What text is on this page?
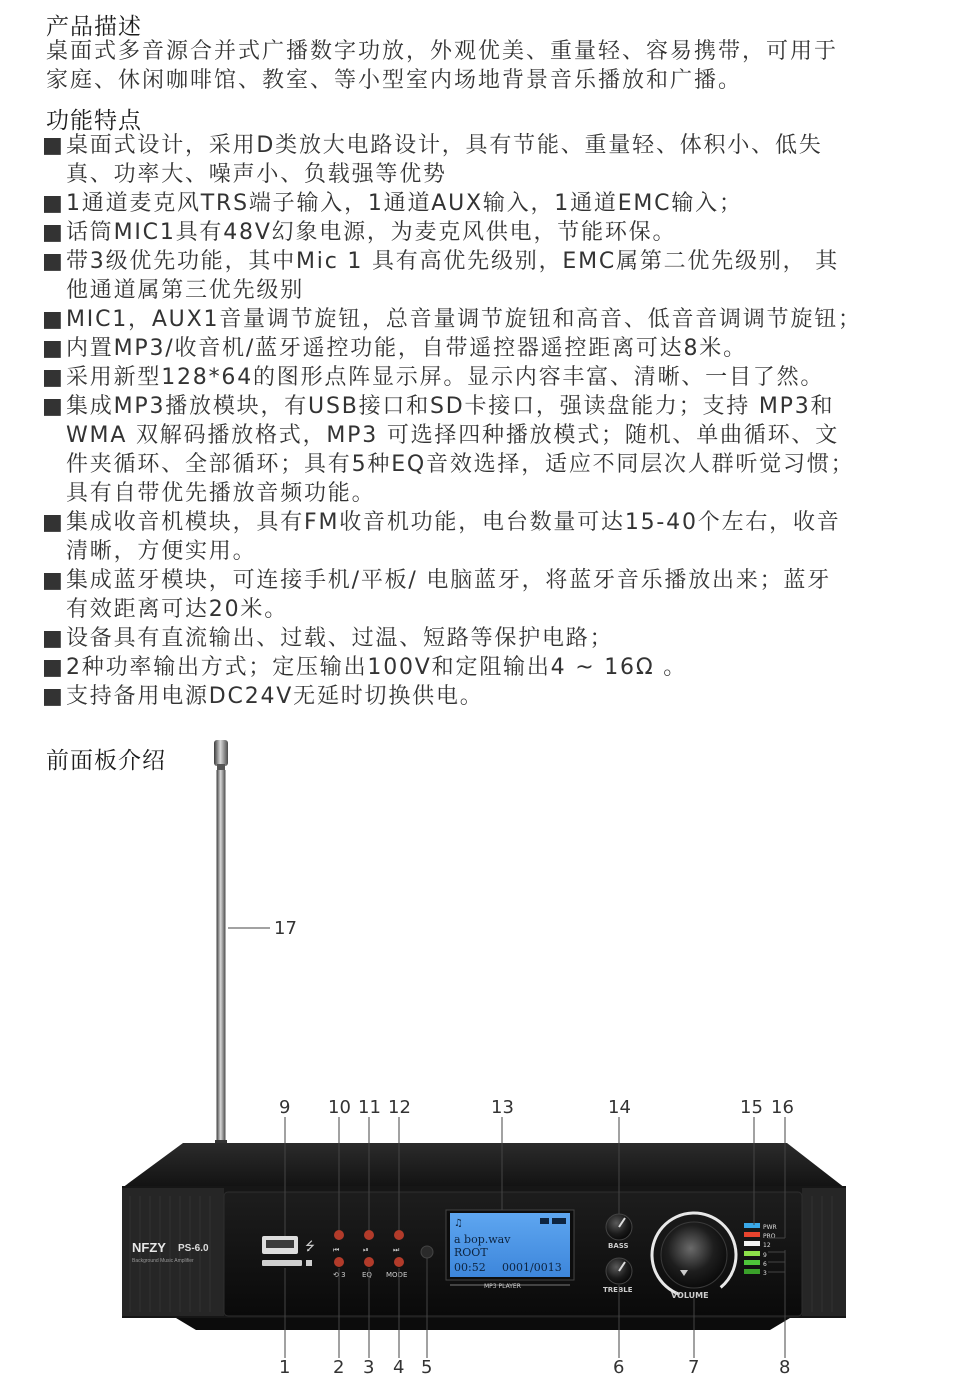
产品描述
桌面式多音源合并式广播数字功放，外观优美、重量轻、容易携带，可用于
家庭、休闲咖啡馆、教室、等小型室内场地背景音乐播放和广播。
功能特点
■ 桌面式设计，采用D类放大电路设计，具有节能、重量轻、体积小、低失
真、功率大、噪声小、负载强等优势
■ 1通道麦克风TRS端子输入，1通道AUX输入，1通道EMC输入；
■ 话筒MIC1具有48V幻象电源，为麦克风供电，节能环保。
■ 带3级优先功能，其中Mic 1 具有高优先级别，EMC属第二优先级别， 其
他通道属第三优先级别
■ MIC1，AUX1音量调节旋钮，总音量调节旋钮和高音、低音音调调节旋钮；
■ 内置MP3/收音机/蓝牙遥控功能，自带遥控器遥控距离可达8米。
■ 采用新型128*64的图形点阵显示屏。显示内容丰富、清晰、一目了然。
■ 集成MP3播放模块，有USB接口和SD卡接口，强读盘能力；支持 MP3和
WMA 双解码播放格式，MP3 可选择四种播放模式；随机、单曲循环、文
件夹循环、全部循环；具有5种EQ音效选择，适应不同层次人群听觉习惯；
具有自带优先播放音频功能。
■ 集成收音机模块，具有FM收音机功能，电台数量可达15-40个左右，收音
清晰，方便实用。
■ 集成蓝牙模块，可连接手机/平板/ 电脑蓝牙，将蓝牙音乐播放出来；蓝牙
有效距离可达20米。
■ 设备具有直流输出、过载、过温、短路等保护电路；
■ 2种功率输出方式；定压输出100V和定阻输出4 ~ 16Ω 。
■ 支持备用电源DC24V无延时切换供电。
前面板介绍
NFZY PS-6.0
Background Music Amplifier
⭍	⏮	⏯	⏭
⟲ 3 EQ MODE
♫
a bop.wav
ROOT
00:52 0001/0013
MP3 PLAYER
BASS
TREBLE
VOLUME
PWR
PRO
12
9
6
3
17
9 10 11 12	13	14	15 16
1 2 3 4 5	6	7	8
